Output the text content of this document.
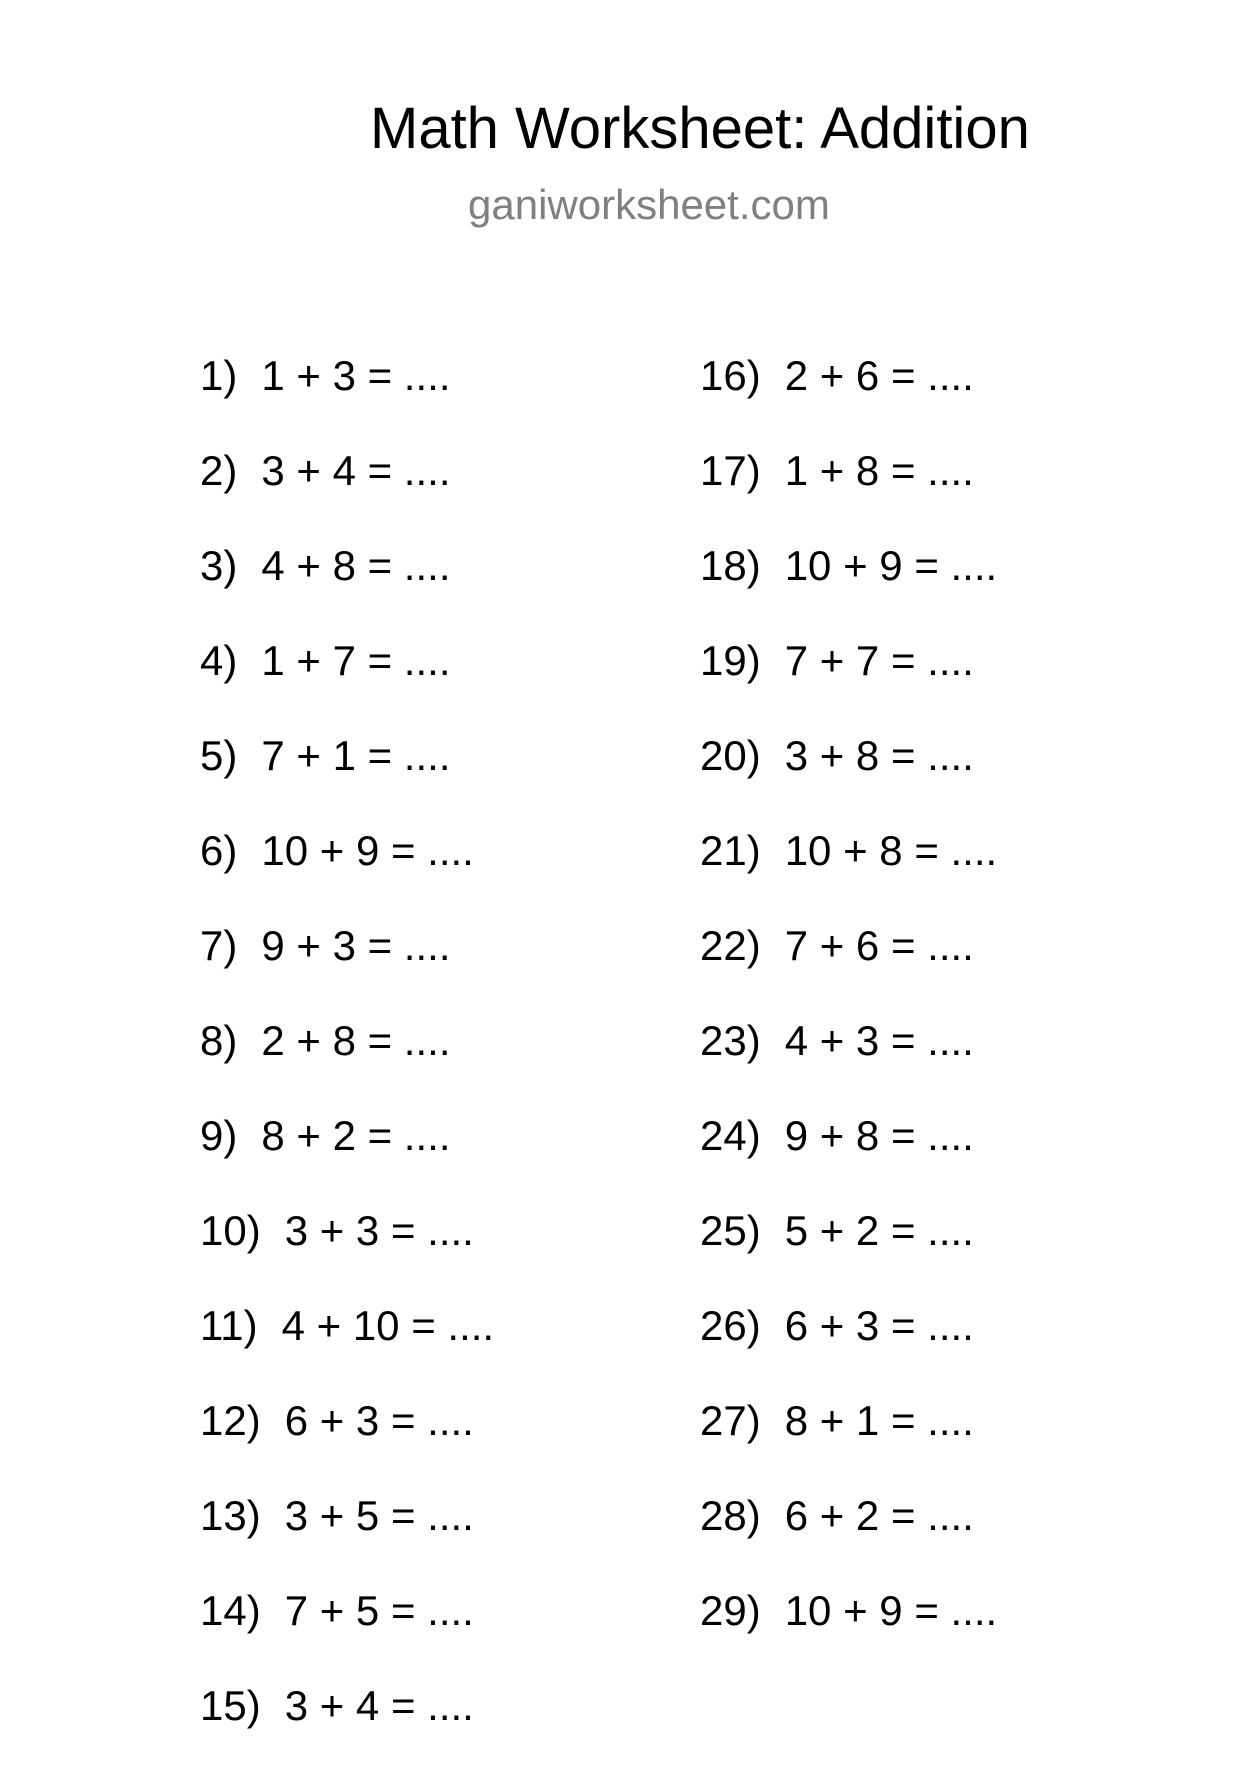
Math Worksheet: Addition
ganiworksheet.com
1) 1 + 3 = ....
2) 3 + 4 = ....
3) 4 + 8 = ....
4) 1 + 7 = ....
5) 7 + 1 = ....
6) 10 + 9 = ....
7) 9 + 3 = ....
8) 2 + 8 = ....
9) 8 + 2 = ....
10) 3 + 3 = ....
11) 4 + 10 = ....
12) 6 + 3 = ....
13) 3 + 5 = ....
14) 7 + 5 = ....
15) 3 + 4 = ....
16) 2 + 6 = ....
17) 1 + 8 = ....
18) 10 + 9 = ....
19) 7 + 7 = ....
20) 3 + 8 = ....
21) 10 + 8 = ....
22) 7 + 6 = ....
23) 4 + 3 = ....
24) 9 + 8 = ....
25) 5 + 2 = ....
26) 6 + 3 = ....
27) 8 + 1 = ....
28) 6 + 2 = ....
29) 10 + 9 = ....
